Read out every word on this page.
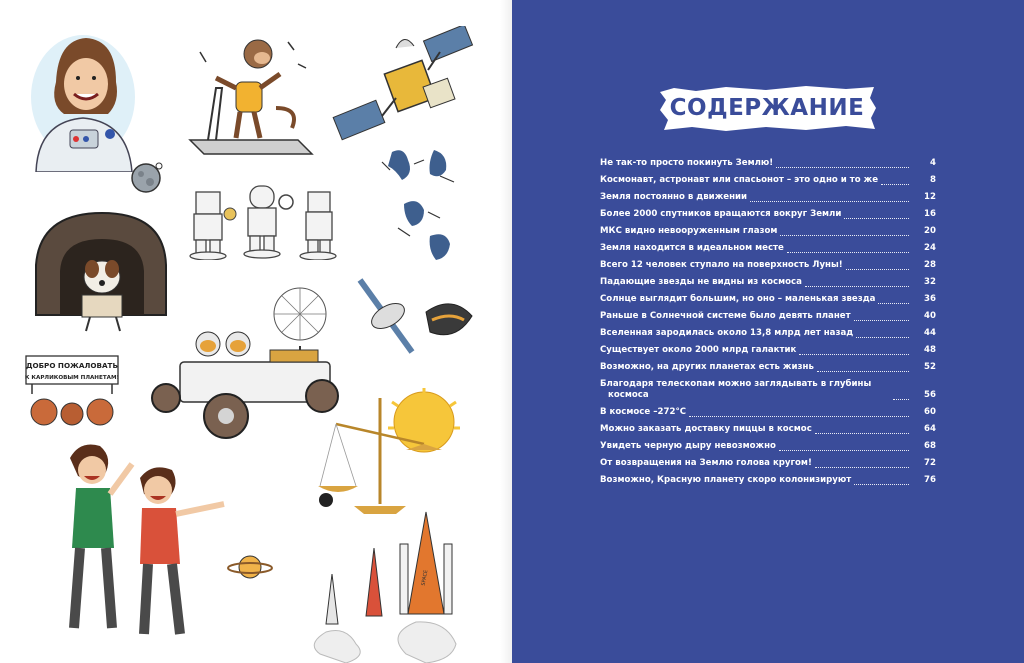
ДОБРО ПОЖАЛОВАТЬ
К КАРЛИКОВЫМ ПЛАНЕТАМ!
SPACE
СОДЕРЖАНИЕ
Не так-то просто покинуть Землю!	4
Космонавт, астронавт или спасьонот – это одно и то же	8
Земля постоянно в движении	12
Более 2000 спутников вращаются вокруг Земли	16
МКС видно невооруженным глазом	20
Земля находится в идеальном месте	24
Всего 12 человек ступало на поверхность Луны!	28
Падающие звезды не видны из космоса	32
Солнце выглядит большим, но оно – маленькая звезда	36
Раньше в Солнечной системе было девять планет	40
Вселенная зародилась около 13,8 млрд лет назад	44
Существует около 2000 млрд галактик	48
Возможно, на других планетах есть жизнь	52
Благодаря телескопам можно заглядывать в глубины
космоса	56
В космосе –272°С	60
Можно заказать доставку пиццы в космос	64
Увидеть черную дыру невозможно	68
От возвращения на Землю голова кругом!	72
Возможно, Красную планету скоро колонизируют	76
